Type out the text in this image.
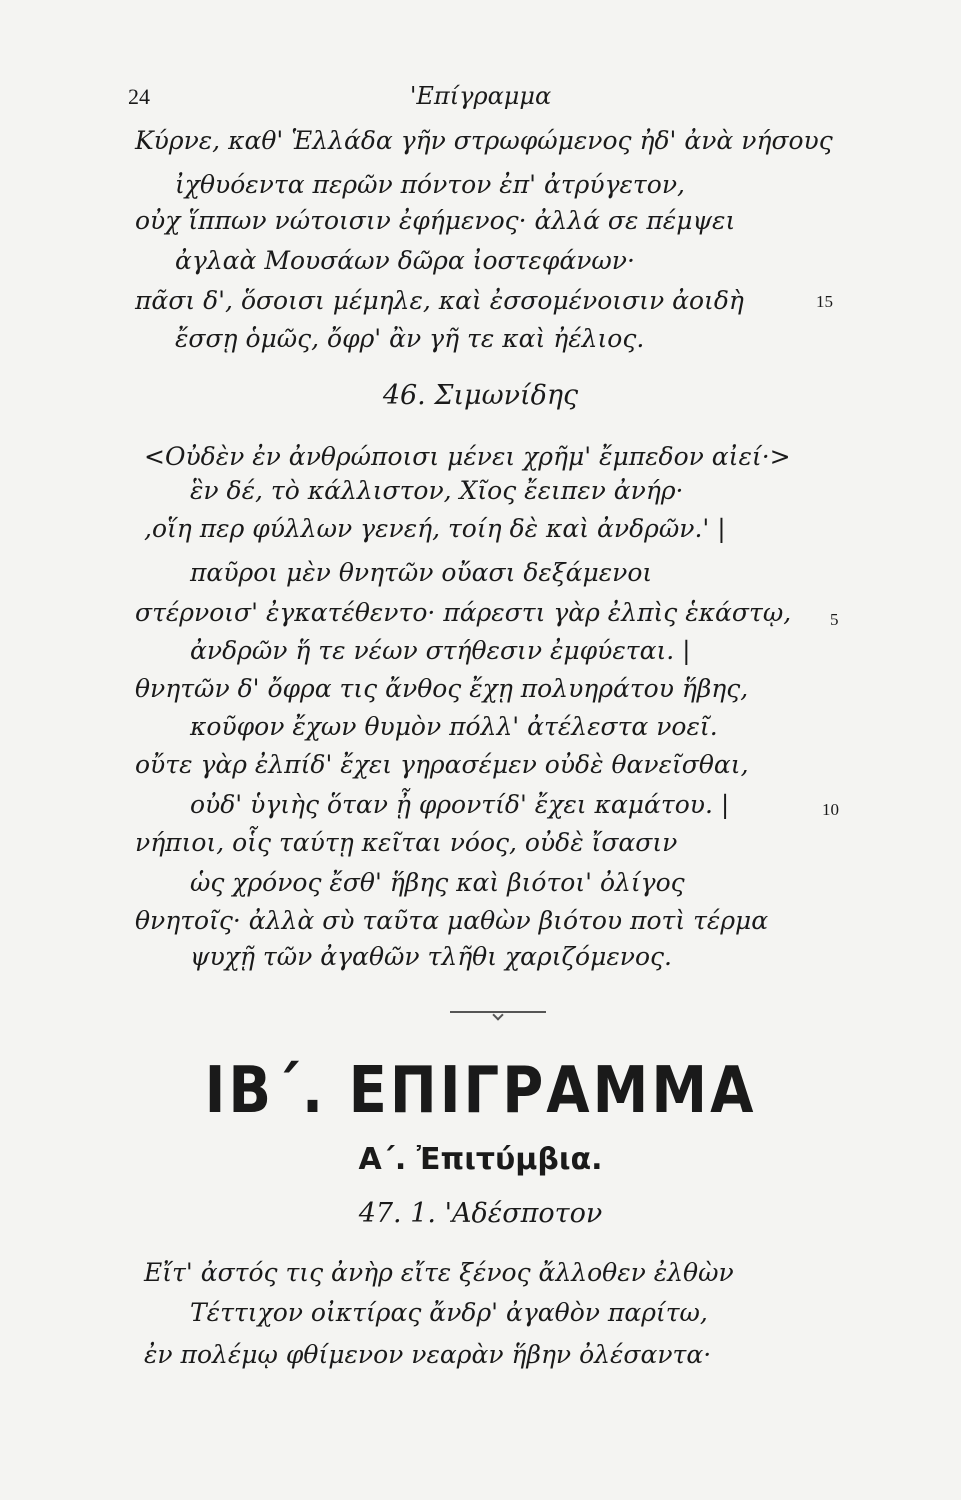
24	'Επίγραμμα
Κύρνε, καθ' Ἑλλάδα γῆν στρωφώμενος ἠδ' ἀνὰ νήσους
ἰχθυόεντα περῶν πόντον ἐπ' ἀτρύγετον,
οὐχ ἵππων νώτοισιν ἐφήμενος· ἀλλά σε πέμψει
ἀγλαὰ Μουσάων δῶρα ἰοστεφάνων·
πᾶσι δ', ὅσοισι μέμηλε, καὶ ἐσσομένοισιν ἀοιδὴ
ἔσσῃ ὁμῶς, ὄφρ' ἂν γῆ τε καὶ ἠέλιος.
15
46. Σιμωνίδης
<Οὐδὲν ἐν ἀνθρώποισι μένει χρῆμ' ἔμπεδον αἰεί·>
ἓν δέ, τὸ κάλλιστον, Χῖος ἔειπεν ἀνήρ·
,οἵη περ φύλλων γενεή, τοίη δὲ καὶ ἀνδρῶν.' |
παῦροι μὲν θνητῶν οὔασι δεξάμενοι
στέρνοισ' ἐγκατέθεντο· πάρεστι γὰρ ἐλπὶς ἑκάστῳ,
ἀνδρῶν ἥ τε νέων στήθεσιν ἐμφύεται. |
θνητῶν δ' ὄφρα τις ἄνθος ἔχῃ πολυηράτου ἥβης,
κοῦφον ἔχων θυμὸν πόλλ' ἀτέλεστα νοεῖ.
οὔτε γὰρ ἐλπίδ' ἔχει γηρασέμεν οὐδὲ θανεῖσθαι,
οὐδ' ὑγιὴς ὅταν ᾖ φροντίδ' ἔχει καμάτου. |
νήπιοι, οἷς ταύτῃ κεῖται νόος, οὐδὲ ἴσασιν
ὡς χρόνος ἔσθ' ἥβης καὶ βιότοι' ὀλίγος
θνητοῖς· ἀλλὰ σὺ ταῦτα μαθὼν βιότου ποτὶ τέρμα
ψυχῇ τῶν ἀγαθῶν τλῆθι χαριζόμενος.
5
10
ΙΒ΄. ΕΠΙΓΡΑΜΜΑ
Α΄. Ἐπιτύμβια.
47. 1. 'Αδέσποτον
Εἴτ' ἀστός τις ἀνὴρ εἴτε ξένος ἄλλοθεν ἐλθὼν
Τέττιχον οἰκτίρας ἄνδρ' ἀγαθὸν παρίτω,
ἐν πολέμῳ φθίμενον νεαρὰν ἥβην ὀλέσαντα·
